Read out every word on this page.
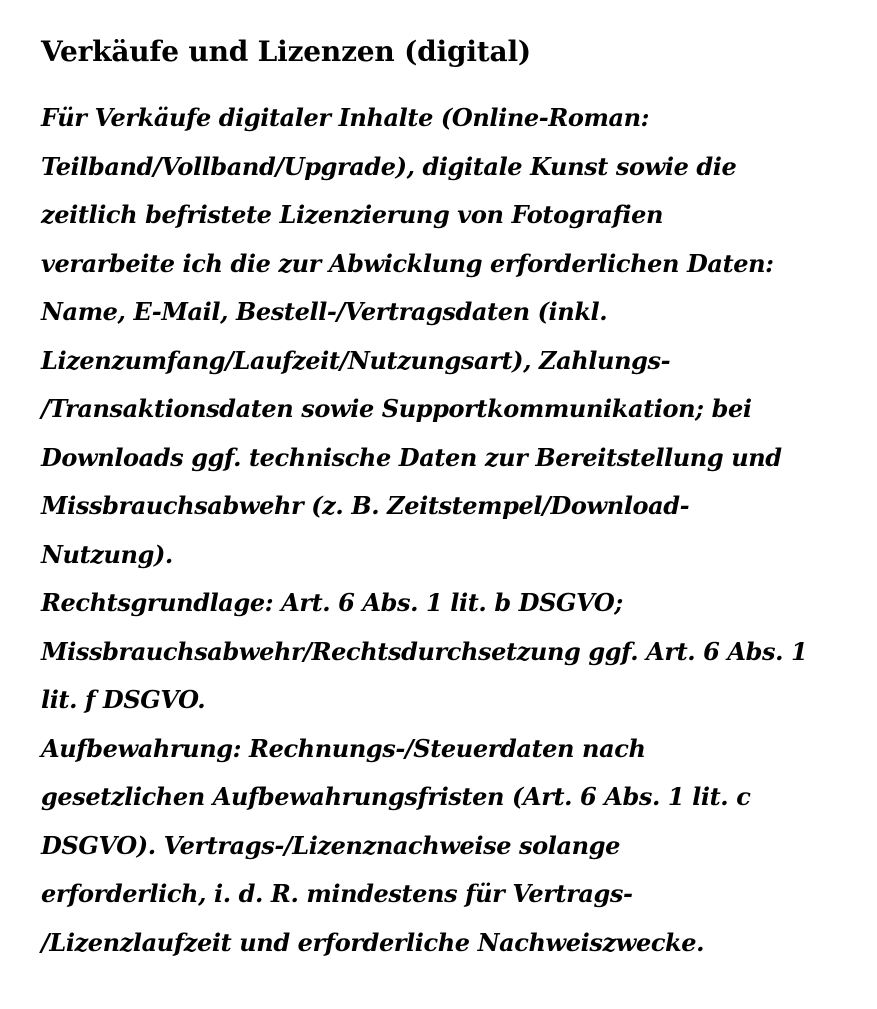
Verkäufe und Lizenzen (digital)

Für Verkäufe digitaler Inhalte (Online-Roman:
Teilband/Vollband/Upgrade), digitale Kunst sowie die
zeitlich befristete Lizenzierung von Fotografien
verarbeite ich die zur Abwicklung erforderlichen Daten:
Name, E-Mail, Bestell-/Vertragsdaten (inkl.
Lizenzumfang/Laufzeit/Nutzungsart), Zahlungs-
/Transaktionsdaten sowie Supportkommunikation; bei
Downloads ggf. technische Daten zur Bereitstellung und
Missbrauchsabwehr (z. B. Zeitstempel/Download-
Nutzung).

Rechtsgrundlage: Art. 6 Abs. 1 lit. b DSGVO;
Missbrauchsabwehr/Rechtsdurchsetzung ggf. Art. 6 Abs. 1
lit. f DSGVO.

Aufbewahrung: Rechnungs-/Steuerdaten nach
gesetzlichen Aufbewahrungsfristen (Art. 6 Abs. 1 lit. c
DSGVO). Vertrags-/Lizenznachweise solange
erforderlich, i. d. R. mindestens für Vertrags-
/Lizenzlaufzeit und erforderliche Nachweiszwecke.
